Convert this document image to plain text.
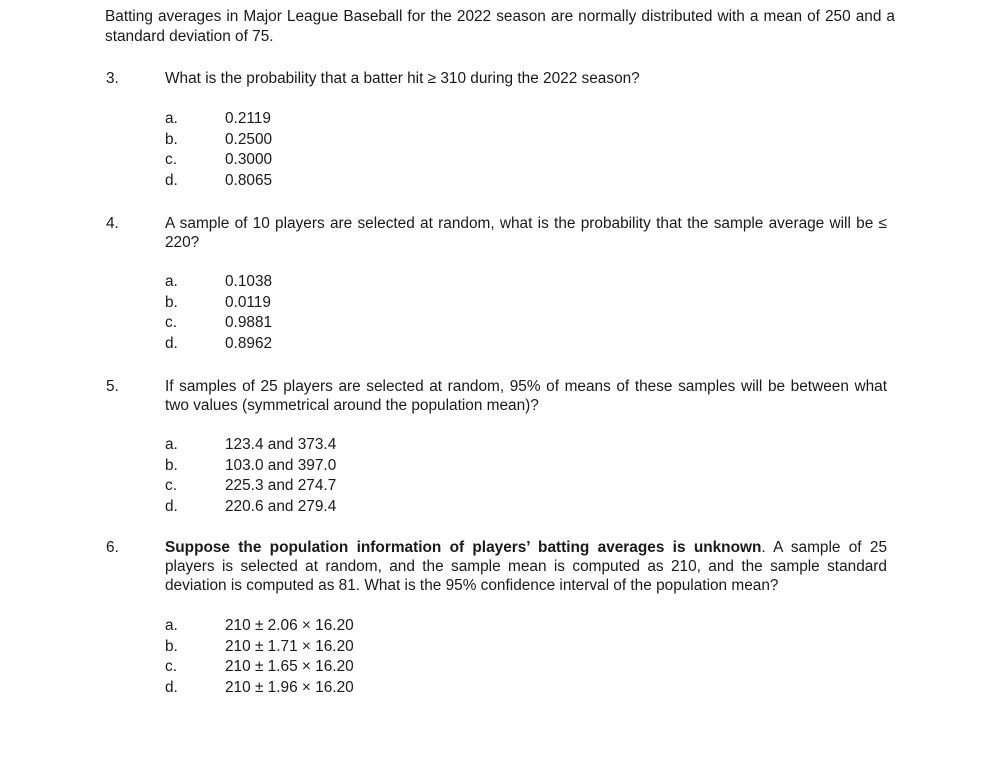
Batting averages in Major League Baseball for the 2022 season are normally distributed with a mean of 250 and a standard deviation of 75.
3.	What is the probability that a batter hit ≥ 310 during the 2022 season?
a.	0.2119
b.	0.2500
c.	0.3000
d.	0.8065
4.	A sample of 10 players are selected at random, what is the probability that the sample average will be ≤ 220?
a.	0.1038
b.	0.0119
c.	0.9881
d.	0.8962
5.	If samples of 25 players are selected at random, 95% of means of these samples will be between what two values (symmetrical around the population mean)?
a.	123.4 and 373.4
b.	103.0 and 397.0
c.	225.3 and 274.7
d.	220.6 and 279.4
6.	Suppose the population information of players’ batting averages is unknown. A sample of 25 players is selected at random, and the sample mean is computed as 210, and the sample standard deviation is computed as 81. What is the 95% confidence interval of the population mean?
a.	210 ± 2.06 × 16.20
b.	210 ± 1.71 × 16.20
c.	210 ± 1.65 × 16.20
d.	210 ± 1.96 × 16.20
